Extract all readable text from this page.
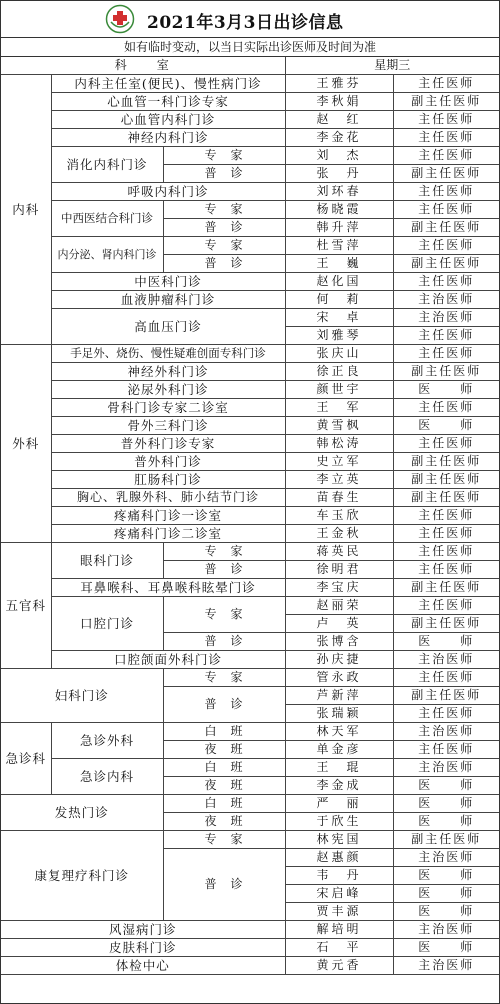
2021年3月3日出诊信息
如有临时变动，以当日实际出诊医师及时间为准
科　　室			星期三	
内科	内科主任室(便民)、慢性病门诊		王雅芬	主任医师
	心血管一科门诊专家		李秋娟	副主任医师
	心血管内科门诊		赵　红	主任医师
	神经内科门诊		李金花	主任医师
	消化内科门诊	专　家	刘　杰	主任医师
		普　诊	张　丹	副主任医师
	呼吸内科门诊		刘环春	主任医师
	中西医结合科门诊	专　家	杨晓霞	主任医师
		普　诊	韩升萍	副主任医师
	内分泌、肾内科门诊	专　家	杜雪萍	主任医师
		普　诊	王　巍	副主任医师
	中医科门诊		赵化国	主任医师
	血液肿瘤科门诊		何　莉	主治医师
	高血压门诊		宋　卓	主治医师
			刘雅琴	主任医师
外科	手足外、烧伤、慢性疑难创面专科门诊		张庆山	主任医师
	神经外科门诊		徐正良	副主任医师
	泌尿外科门诊		颜世宇	医　　师
	骨科门诊专家二诊室		王　军	主任医师
	骨外三科门诊		黄雪枫	医　　师
	普外科门诊专家		韩松涛	主任医师
	普外科门诊		史立军	副主任医师
	肛肠科门诊		李立英	副主任医师
	胸心、乳腺外科、肺小结节门诊		苗春生	副主任医师
	疼痛科门诊一诊室		车玉欣	主任医师
	疼痛科门诊二诊室		王金秋	主任医师
五官科	眼科门诊	专　家	蒋英民	主任医师
		普　诊	徐明君	主任医师
	耳鼻喉科、耳鼻喉科眩晕门诊		李宝庆	副主任医师
	口腔门诊	专　家	赵丽荣	主任医师
			卢　英	副主任医师
		普　诊	张博含	医　　师
	口腔颌面外科门诊		孙庆捷	主治医师
妇科门诊		专　家	管永政	主任医师
		普　诊	芦新萍	副主任医师
			张瑞颖	主任医师
急诊科	急诊外科	白　班	林天军	主治医师
		夜　班	单金彦	主任医师
	急诊内科	白　班	王　琨	主治医师
		夜　班	李金成	医　　师
发热门诊		白　班	严　丽	医　　师
		夜　班	于欣生	医　　师
康复理疗科门诊		专　家	林宪国	副主任医师
		普　诊	赵惠颜	主治医师
			韦　丹	医　　师
			宋启峰	医　　师
			贾丰源	医　　师
风湿病门诊			解培明	主治医师
皮肤科门诊			石　平	医　　师
体检中心			黄元香	主治医师
